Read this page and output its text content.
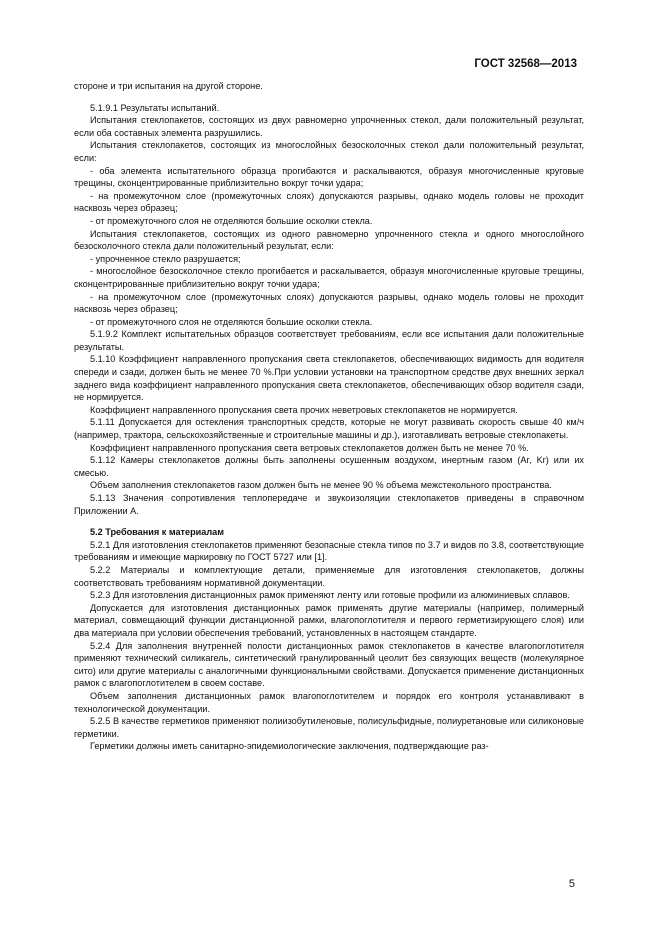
ГОСТ 32568—2013

стороне и три испытания на другой стороне.

5.1.9.1 Результаты испытаний.

Испытания стеклопакетов, состоящих из двух равномерно упрочненных стекол, дали положительный результат, если оба составных элемента разрушились.

Испытания стеклопакетов, состоящих из многослойных безосколочных стекол дали положительный результат, если:

- оба элемента испытательного образца прогибаются и раскалываются, образуя многочисленные круговые трещины, сконцентрированные приблизительно вокруг точки удара;

- на промежуточном слое (промежуточных слоях) допускаются разрывы, однако модель головы не проходит насквозь через образец;

- от промежуточного слоя не отделяются большие осколки стекла.

Испытания стеклопакетов, состоящих из одного равномерно упрочненного стекла и одного многослойного безосколочного стекла дали положительный результат, если:

- упрочненное стекло разрушается;

- многослойное безосколочное стекло прогибается и раскалывается, образуя многочисленные круговые трещины, сконцентрированные приблизительно вокруг точки удара;

- на промежуточном слое (промежуточных слоях) допускаются разрывы, однако модель головы не проходит насквозь через образец;

- от промежуточного слоя не отделяются большие осколки стекла.

5.1.9.2 Комплект испытательных образцов соответствует требованиям, если все испытания дали положительные результаты.

5.1.10 Коэффициент направленного пропускания света стеклопакетов, обеспечивающих видимость для водителя спереди и сзади, должен быть не менее 70 %.При условии установки на транспортном средстве двух внешних зеркал заднего вида коэффициент направленного пропускания света стеклопакетов, обеспечивающих обзор водителя сзади, не нормируется.

Коэффициент направленного пропускания света прочих неветровых стеклопакетов не нормируется.

5.1.11 Допускается для остекления транспортных средств, которые не могут развивать скорость свыше 40 км/ч (например, трактора, сельскохозяйственные и строительные машины и др.), изготавливать ветровые стеклопакеты.

Коэффициент направленного пропускания света ветровых стеклопакетов должен быть не менее 70 %.

5.1.12 Камеры стеклопакетов должны быть заполнены осушенным воздухом, инертным газом (Ar, Kr) или их смесью.

Объем заполнения стеклопакетов газом должен быть не менее 90 % объема межстекольного пространства.

5.1.13 Значения сопротивления теплопередаче и звукоизоляции стеклопакетов приведены в справочном Приложении А.

5.2 Требования к материалам

5.2.1 Для изготовления стеклопакетов применяют безопасные стекла типов по 3.7 и видов по 3.8, соответствующие требованиям и имеющие маркировку по ГОСТ 5727 или [1].

5.2.2 Материалы и комплектующие детали, применяемые для изготовления стеклопакетов, должны соответствовать требованиям нормативной документации.

5.2.3 Для изготовления дистанционных рамок применяют ленту или готовые профили из алюминиевых сплавов.

Допускается для изготовления дистанционных рамок применять другие материалы (например, полимерный материал, совмещающий функции дистанционной рамки, влагопоглотителя и первого герметизирующего слоя) или два материала при условии обеспечения требований, установленных в настоящем стандарте.

5.2.4 Для заполнения внутренней полости дистанционных рамок стеклопакетов в качестве влагопоглотителя применяют технический силикагель, синтетический гранулированный цеолит без связующих веществ (молекулярное сито) или другие материалы с аналогичными функциональными свойствами. Допускается применение дистанционных рамок с влагопоглотителем в своем составе.

Объем заполнения дистанционных рамок влагопоглотителем и порядок его контроля устанавливают в технологической документации.

5.2.5 В качестве герметиков применяют полиизобутиленовые, полисульфидные, полиуретановые или силиконовые герметики.

Герметики должны иметь санитарно-эпидемиологические заключения, подтверждающие раз-

5
